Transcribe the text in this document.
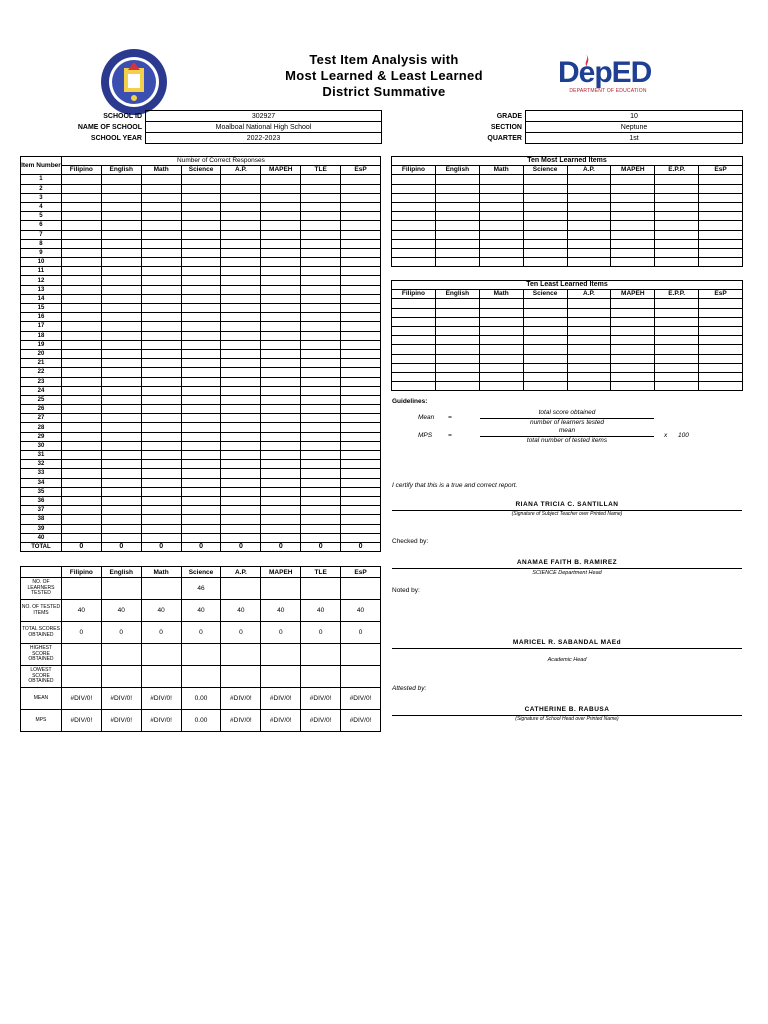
Test Item Analysis with
Most Learned & Least Learned
District Summative
DepED
DEPARTMENT OF EDUCATION
SCHOOL ID	302927
NAME OF SCHOOL	Moalboal National High School
SCHOOL YEAR	2022-2023
GRADE	10
SECTION	Neptune
QUARTER	1st
Item Number	Number of Correct Responses							
	Filipino	English	Math	Science	A.P.	MAPEH	TLE	EsP
1								
2								
3								
4								
5								
6								
7								
8								
9								
10								
11								
12								
13								
14								
15								
16								
17								
18								
19								
20								
21								
22								
23								
24								
25								
26								
27								
28								
29								
30								
31								
32								
33								
34								
35								
36								
37								
38								
39								
40								
TOTAL	0	0	0	0	0	0	0	0
Ten Most Learned Items							
Filipino	English	Math	Science	A.P.	MAPEH	E.P.P.	EsP

Ten Least Learned Items							
Filipino	English	Math	Science	A.P.	MAPEH	E.P.P.	EsP

Guidelines:
Mean =
total score obtained
number of learners tested
MPS =
mean
total number of tested items
x 100
I certify that this is a true and correct report.
RIANA TRICIA C. SANTILLAN
(Signature of Subject Teacher over Printed Name)
Checked by:
ANAMAE FAITH B. RAMIREZ
SCIENCE Department Head
Noted by:
MARICEL R. SABANDAL MAEd
Academic Head
Attested by:
CATHERINE B. RABUSA
(Signature of School Head over Printed Name)
	Filipino	English	Math	Science	A.P.	MAPEH	TLE	EsP
NO. OF LEARNERS TESTED				46				
NO. OF TESTED ITEMS	40	40	40	40	40	40	40	40
TOTAL SCORES OBTAINED	0	0	0	0	0	0	0	0
HIGHEST SCORE OBTAINED								
LOWEST SCORE OBTAINED								
MEAN	#DIV/0!	#DIV/0!	#DIV/0!	0.00	#DIV/0!	#DIV/0!	#DIV/0!	#DIV/0!
MPS	#DIV/0!	#DIV/0!	#DIV/0!	0.00	#DIV/0!	#DIV/0!	#DIV/0!	#DIV/0!
